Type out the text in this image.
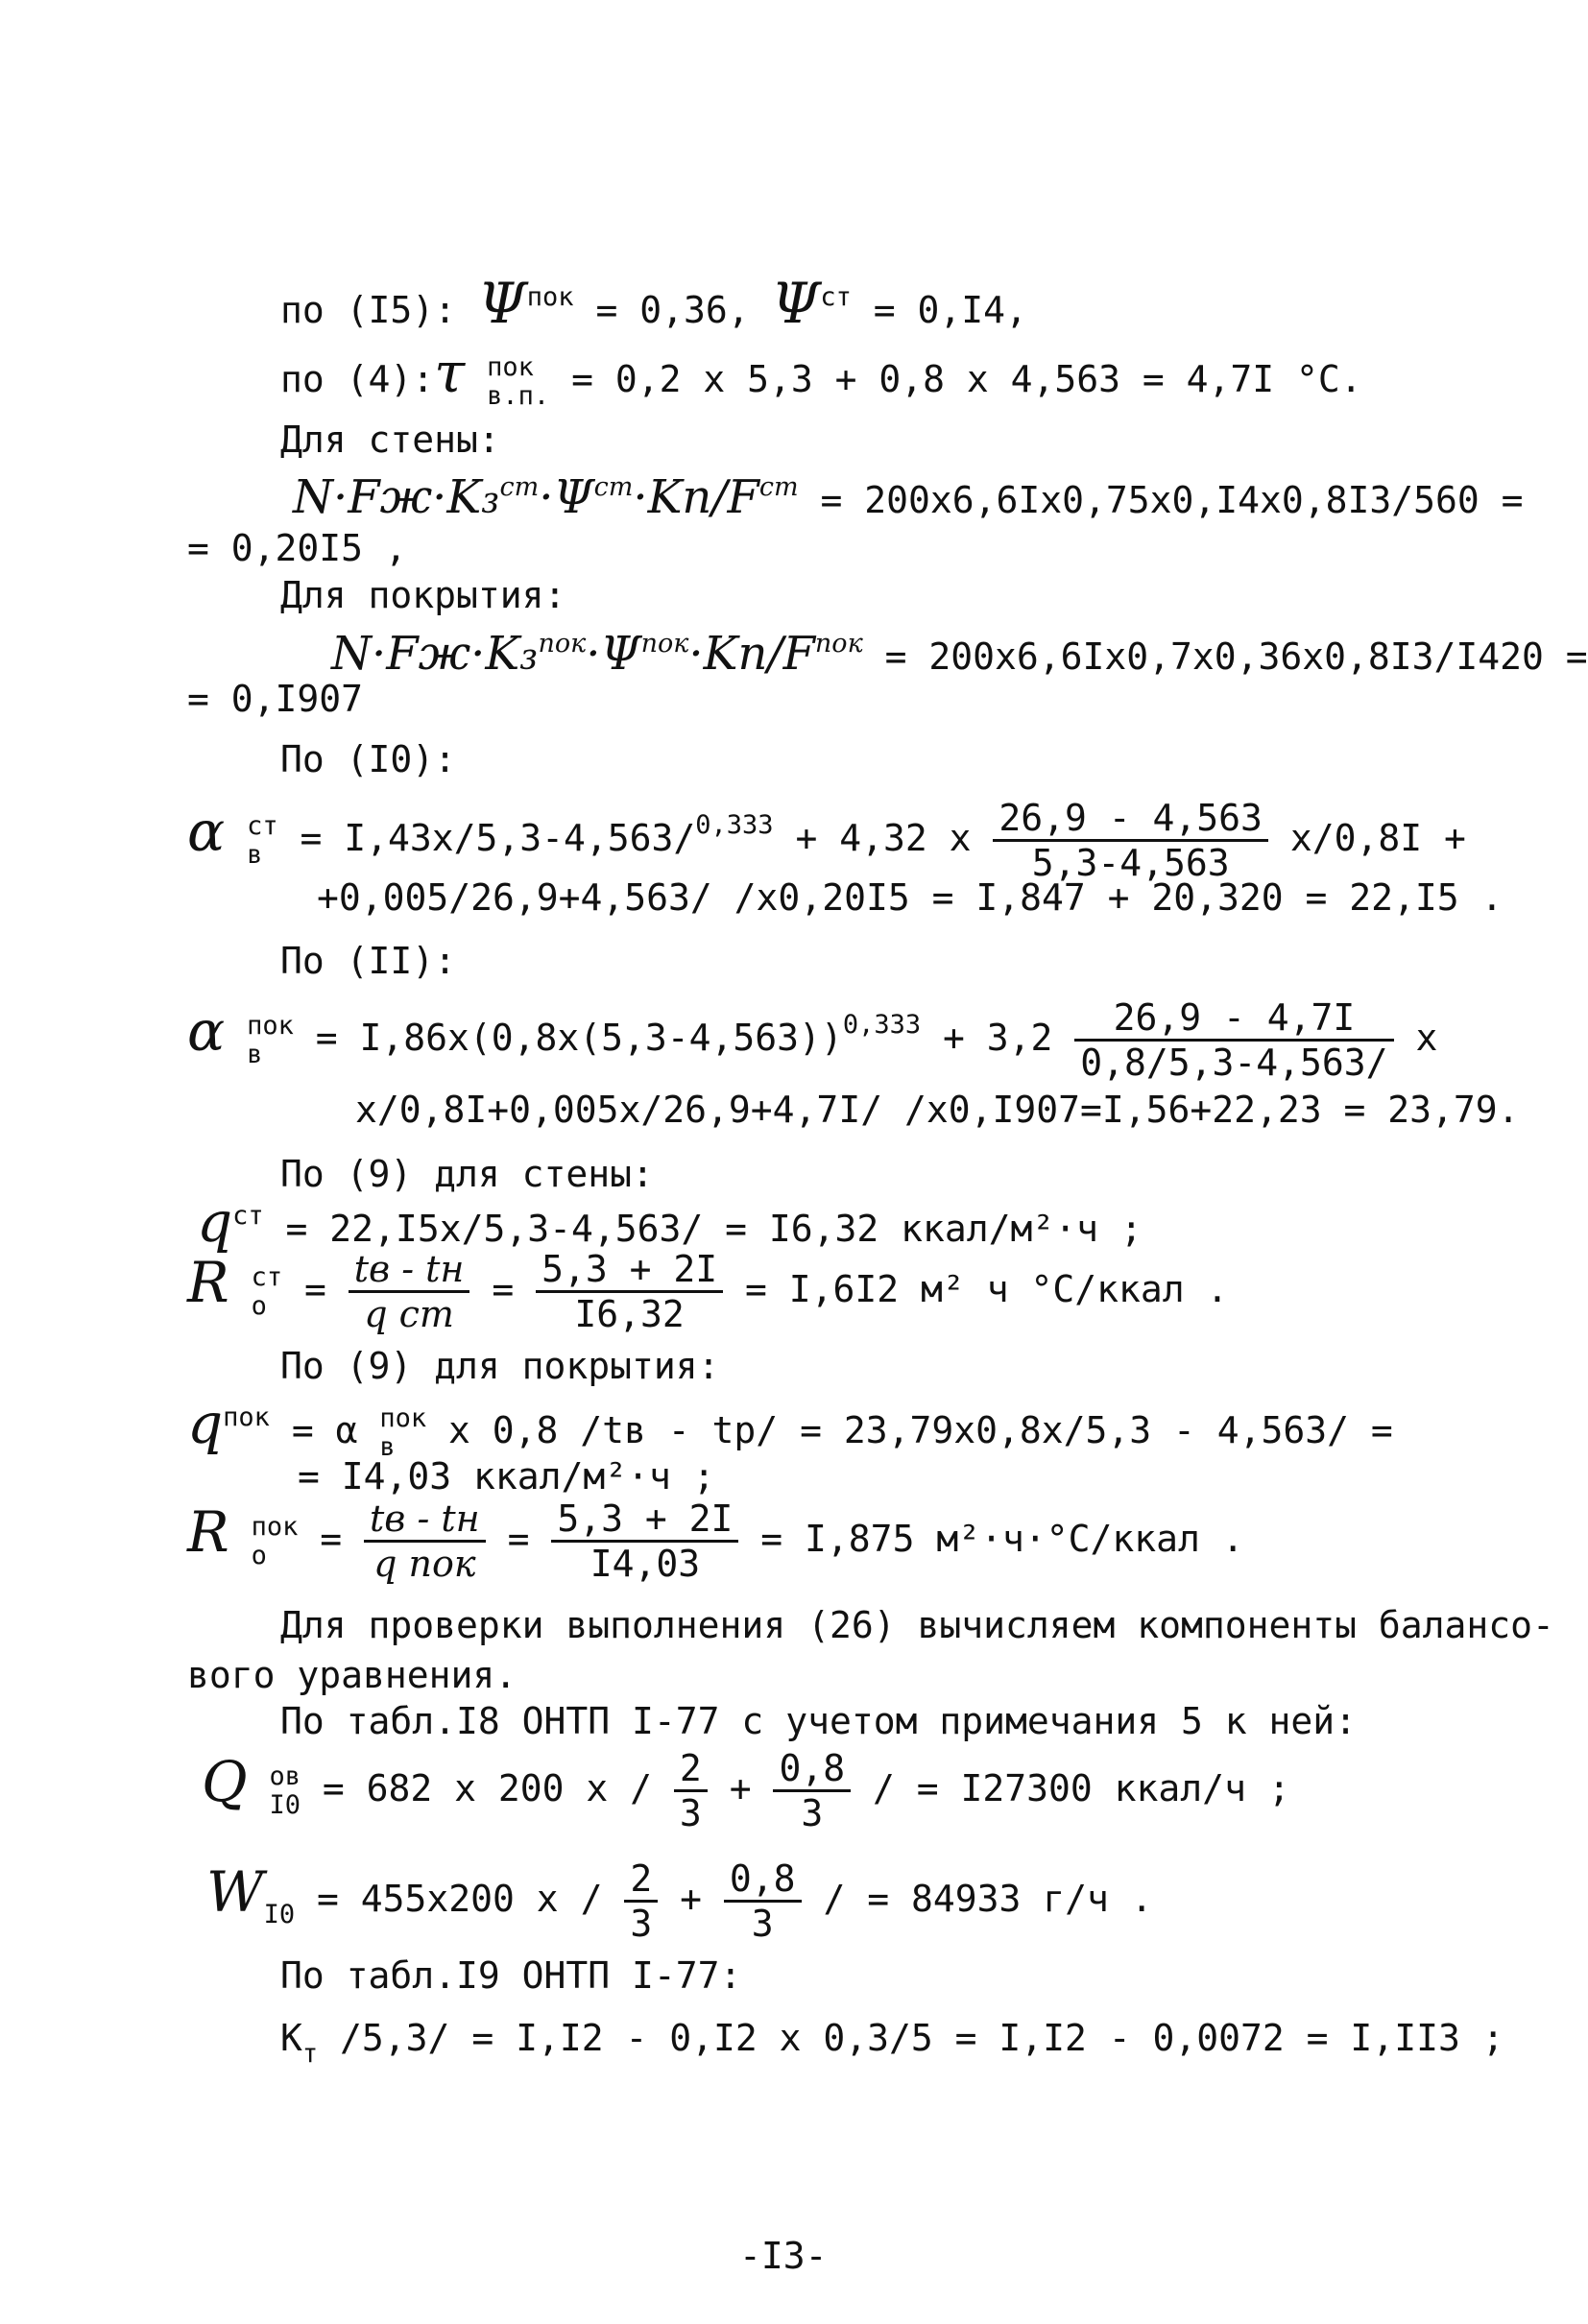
по (I5): $\Psi^{пок} = 0,36$, $\Psi^{ст} = 0,I4$,
по (4):τ пок
в.п. = 0,2 x 5,3 + 0,8 x 4,563 = 4,7I °C.
Для стены:
$N\cdot Fж\cdot K_3^{ст}\cdot\Psi^{ст}\cdot Kп/F^{ст} = 200x6,6Ix0,75x0,I4x0,8I3/560$ =
= 0,20I5 ,
Для покрытия:
$N\cdot Fж\cdot K_3^{пок}\cdot\Psi^{пок}\cdot Kп/F^{пок} = 200x6,6Ix0,7x0,36x0,8I3/I420$ =
= 0,I907
По (I0):
α ст
в	= I,43x/5,3-4,563/$^{0,333}$ + 4,32 x $\frac{26,9 - 4,563}{5,3-4,563} x/0,8I$ +
+0,005/26,9+4,563/ /x0,20I5 = I,847 + 20,320 = 22,I5 .
По (II):
α пок
в	= $I,86x(0,8x(5,3-4,563))^{0,333} + 3,2 \frac{26,9 - 4,7I}{0,8/5,3-4,563/}$ x
x/0,8I+0,005x/26,9+4,7I/ /x0,I907=I,56+22,23 = 23,79.
По (9) для стены:
$q^{ст} = 22,I5x/5,3-4,563/ = I6,32$ ккал/м²·ч ;
R ст
о	= $\frac{tв - tн}{\text{q ст}} = \frac{5,3 + 2I}{I6,32} = I,6I2$ м² ч °C/ккал .
По (9) для покрытия:
$q^{пок} = \alpha$ пок
в	x 0,8 /tв - tр/ = 23,79x0,8x/5,3 - 4,563/ =
= I4,03 ккал/м²·ч ;
R пок
о	= $\frac{tв - tн}{\text{q пок}} = \frac{5,3 + 2I}{I4,03} = I,875$ м²·ч·°C/ккал .
Для проверки выполнения (26) вычисляем компоненты балансо-
вого уравнения.
По табл.I8 ОНТП I-77 с учетом примечания 5 к ней:
Q ов
I0 = 682 x 200 $x / \frac{2}{3} + \frac{0,8}{3}$ / = I27300 ккал/ч ;
$W_{I0} = 455x200$ $x / \frac{2}{3} + \frac{0,8}{3}$ / = 84933 г/ч .
По табл.I9 ОНТП I-77:
$K_т$ /5,3/ = I,I2 - 0,I2 x 0,3/5 = I,I2 - 0,0072 = I,II3 ;
-I3-
